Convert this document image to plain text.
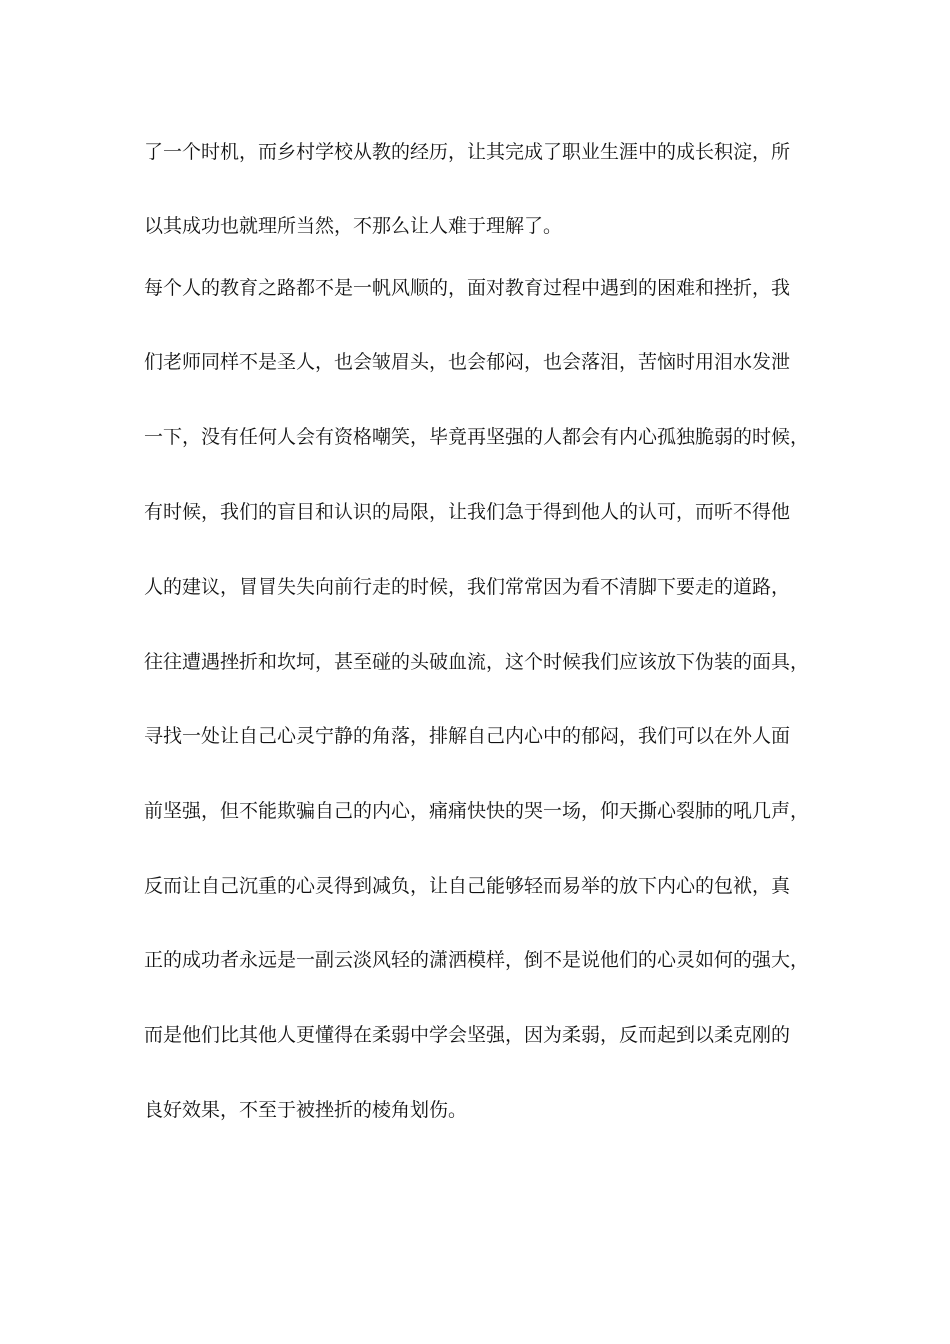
了一个时机，而乡村学校从教的经历，让其完成了职业生涯中的成长积淀，所
以其成功也就理所当然，不那么让人难于理解了。
每个人的教育之路都不是一帆风顺的，面对教育过程中遇到的困难和挫折，我
们老师同样不是圣人，也会皱眉头，也会郁闷，也会落泪，苦恼时用泪水发泄
一下，没有任何人会有资格嘲笑，毕竟再坚强的人都会有内心孤独脆弱的时候，
有时候，我们的盲目和认识的局限，让我们急于得到他人的认可，而听不得他
人的建议，冒冒失失向前行走的时候，我们常常因为看不清脚下要走的道路，
往往遭遇挫折和坎坷，甚至碰的头破血流，这个时候我们应该放下伪装的面具，
寻找一处让自己心灵宁静的角落，排解自己内心中的郁闷，我们可以在外人面
前坚强，但不能欺骗自己的内心，痛痛快快的哭一场，仰天撕心裂肺的吼几声，
反而让自己沉重的心灵得到减负，让自己能够轻而易举的放下内心的包袱，真
正的成功者永远是一副云淡风轻的潇洒模样，倒不是说他们的心灵如何的强大，
而是他们比其他人更懂得在柔弱中学会坚强，因为柔弱，反而起到以柔克刚的
良好效果，不至于被挫折的棱角划伤。
